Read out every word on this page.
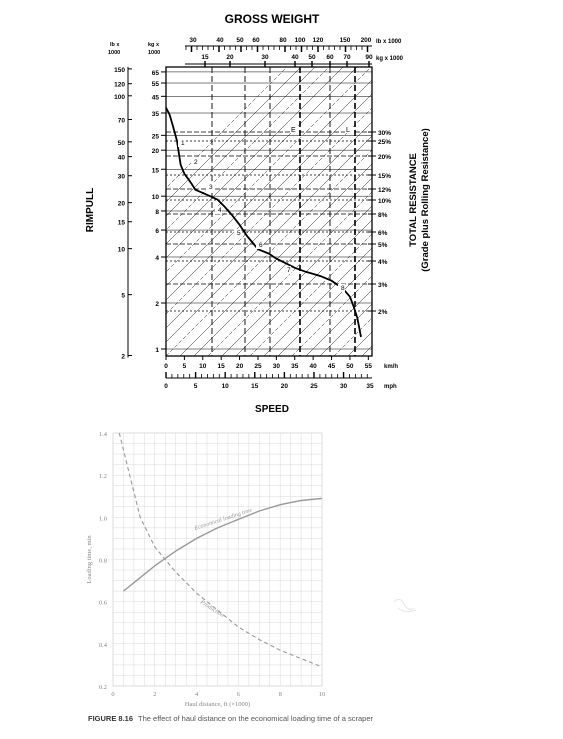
GROSS WEIGHT
30%
25%
20%
15%
12%
10%
8%
6%
5%
4%
3%
2%
65
55
45
35
25
20
15
10
8
6
4
2
1
150
120
100
70
50
40
30
20
15
10
5
2
lb x
1000
kg x
1000
RIMPULL
30	40 50 60	80 100 120 150 200 lb x 1000
15	20	30	40 50 60 70 90 kg x 1000
0 5 10 15 20 25 30 35 40 45 50 55 km/h
0	5	10	15	20	25	30	35 mph
SPEED
TOTAL RESISTANCE (Grade plus Rolling Resistance)
1
2
3
4
5
6
7
8
E	L
0.2
0.4
0.6
0.8
1.0
1.2
1.4
0	2	4	6	8	10
Loading time, min
Haul distance, ft (×1000)
Economical loading time
Production
FIGURE 8.16 The effect of haul distance on the economical loading time of a scraper
